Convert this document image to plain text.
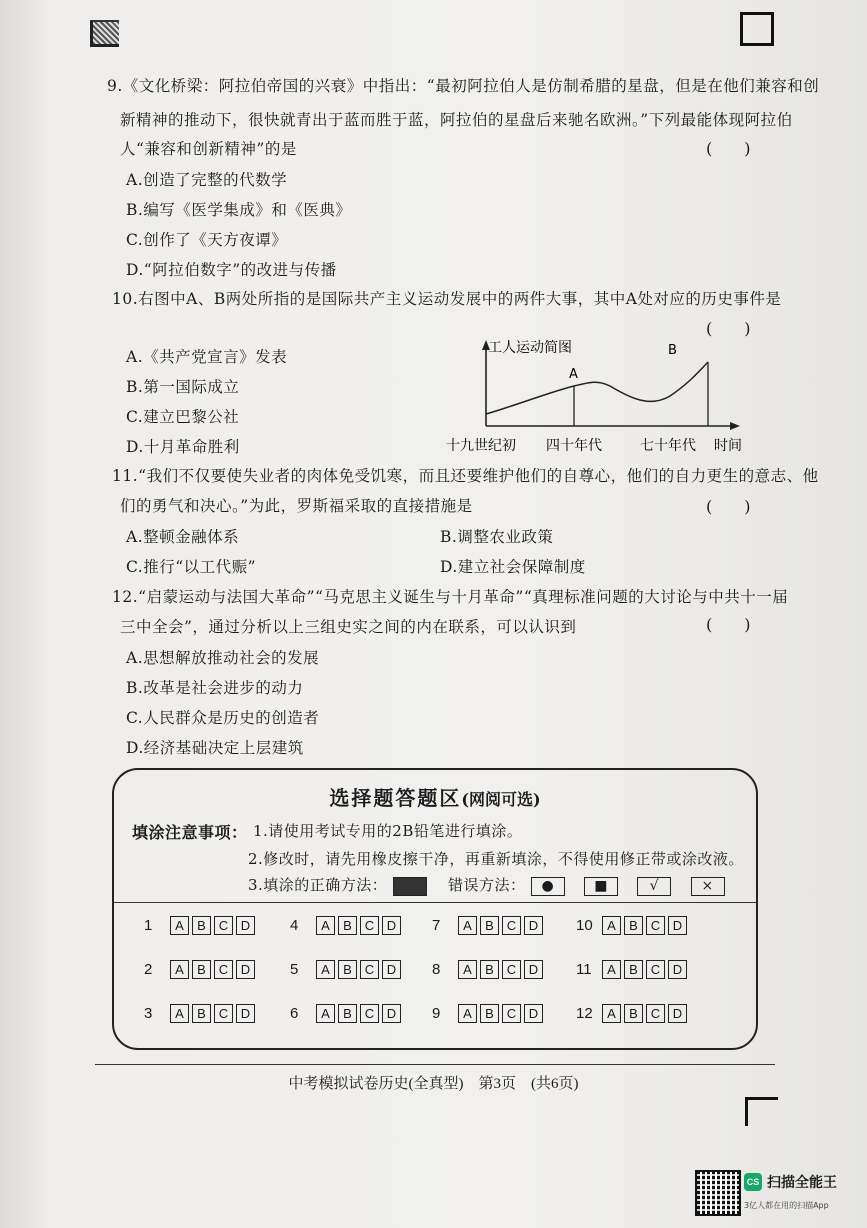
9.《文化桥梁：阿拉伯帝国的兴衰》中指出：“最初阿拉伯人是仿制希腊的星盘，但是在他们兼容和创
新精神的推动下，很快就青出于蓝而胜于蓝，阿拉伯的星盘后来驰名欧洲。”下列最能体现阿拉伯
人“兼容和创新精神”的是	(　　)
A.创造了完整的代数学
B.编写《医学集成》和《医典》
C.创作了《天方夜谭》
D.“阿拉伯数字”的改进与传播
10.右图中A、B两处所指的是国际共产主义运动发展中的两件大事，其中A处对应的历史事件是
(　　)
A.《共产党宣言》发表
B.第一国际成立
C.建立巴黎公社
D.十月革命胜利
工人运动简图
A
B
十九世纪初 四十年代	七十年代 时间
11.“我们不仅要使失业者的肉体免受饥寒，而且还要维护他们的自尊心，他们的自力更生的意志、他
们的勇气和决心。”为此，罗斯福采取的直接措施是	(　　)
A.整顿金融体系	B.调整农业政策
C.推行“以工代赈”	D.建立社会保障制度
12.“启蒙运动与法国大革命”“马克思主义诞生与十月革命”“真理标准问题的大讨论与中共十一届
三中全会”，通过分析以上三组史实之间的内在联系，可以认识到	(　　)
A.思想解放推动社会的发展
B.改革是社会进步的动力
C.人民群众是历史的创造者
D.经济基础决定上层建筑
选择题答题区(网阅可选)
填涂注意事项： 1.请使用考试专用的2B铅笔进行填涂。
2.修改时，请先用橡皮擦干净，再重新填涂，不得使用修正带或涂改液。
3.填涂的正确方法：	错误方法： ●	■	√	×
1	A	B C D
2	A	B C D
3	A	B C D
4	A	B C D
5	A	B C D
6	A	B C D
7	A	B C D
8	A	B C D
9	A	B C D
10	A	B C D
11	A	B C D
12	A	B C D
中考模拟试卷历史(全真型)　第3页　(共6页)
CS 扫描全能王
3亿人都在用的扫描App
